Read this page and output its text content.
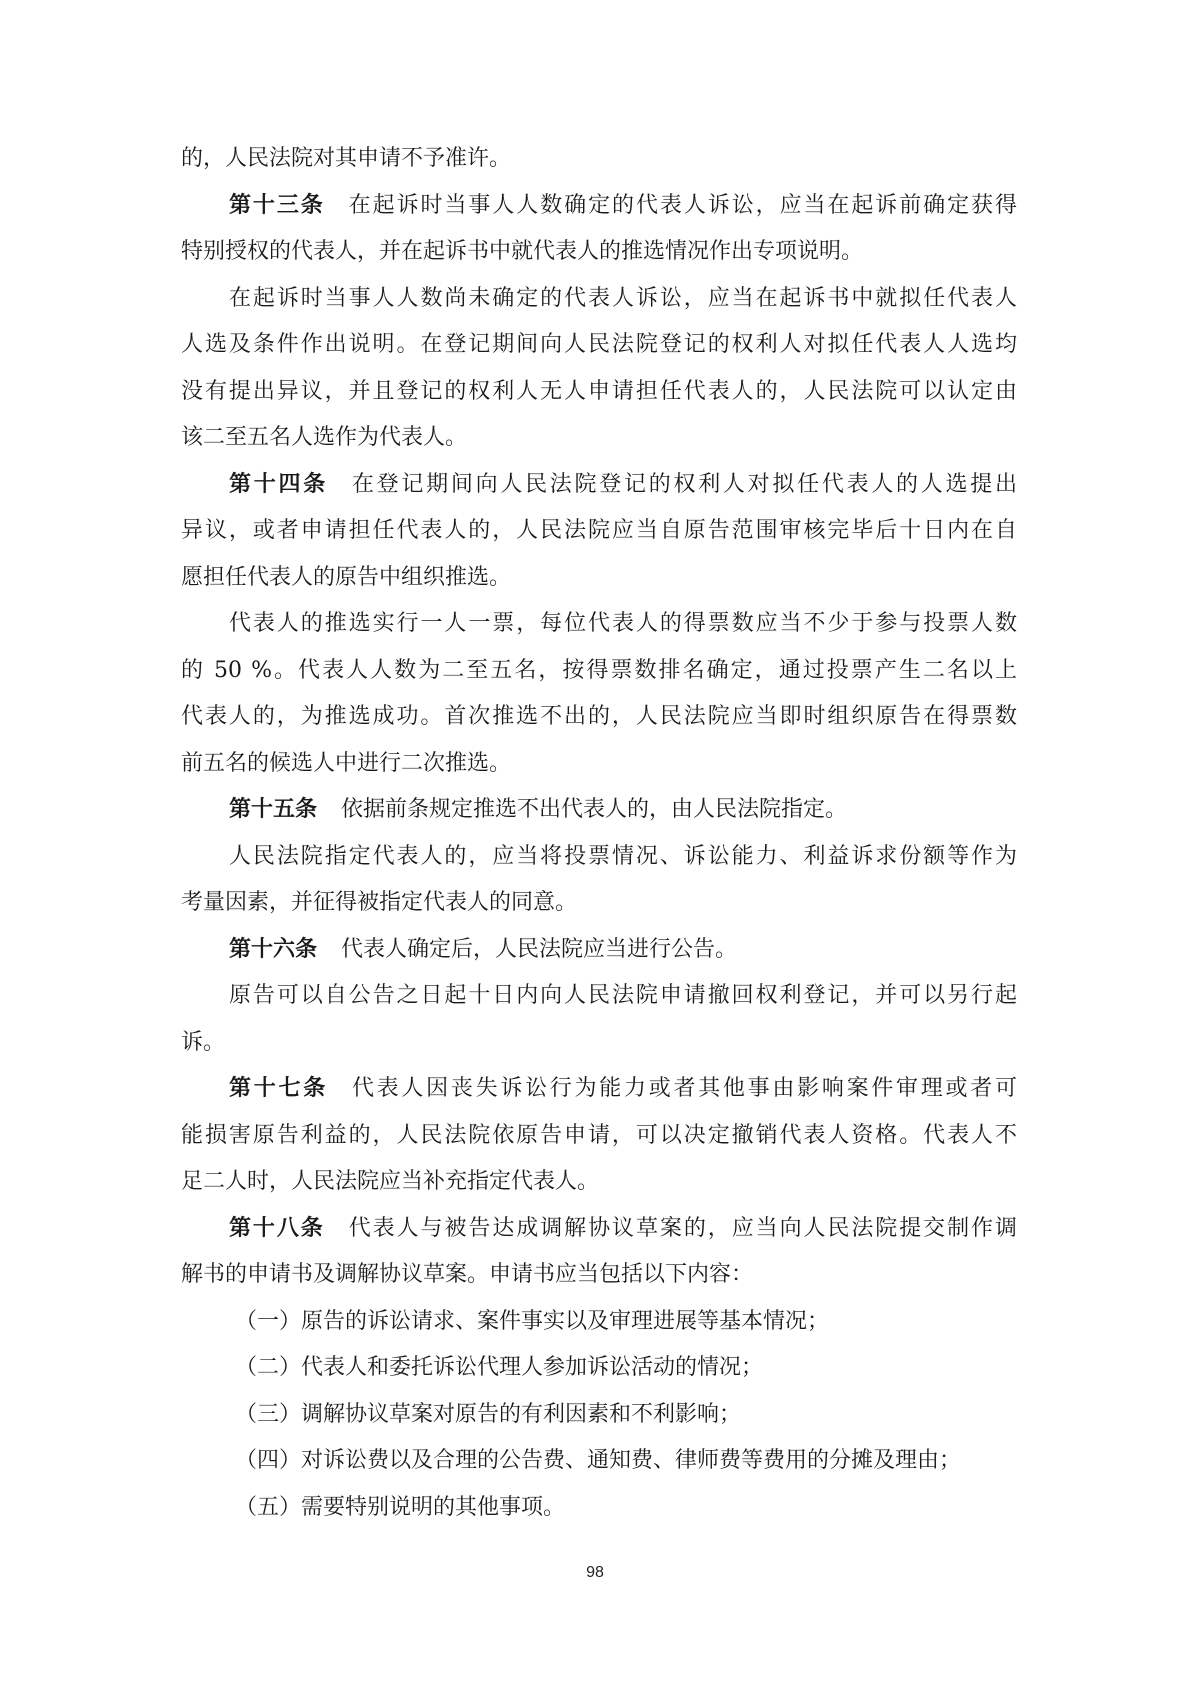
的，人民法院对其申请不予准许。
第十三条 在起诉时当事人人数确定的代表人诉讼，应当在起诉前确定获得
特别授权的代表人，并在起诉书中就代表人的推选情况作出专项说明。
在起诉时当事人人数尚未确定的代表人诉讼，应当在起诉书中就拟任代表人
人选及条件作出说明。在登记期间向人民法院登记的权利人对拟任代表人人选均
没有提出异议，并且登记的权利人无人申请担任代表人的，人民法院可以认定由
该二至五名人选作为代表人。
第十四条 在登记期间向人民法院登记的权利人对拟任代表人的人选提出
异议，或者申请担任代表人的，人民法院应当自原告范围审核完毕后十日内在自
愿担任代表人的原告中组织推选。
代表人的推选实行一人一票，每位代表人的得票数应当不少于参与投票人数
的 50 %。代表人人数为二至五名，按得票数排名确定，通过投票产生二名以上
代表人的，为推选成功。首次推选不出的，人民法院应当即时组织原告在得票数
前五名的候选人中进行二次推选。
第十五条 依据前条规定推选不出代表人的，由人民法院指定。
人民法院指定代表人的，应当将投票情况、诉讼能力、利益诉求份额等作为
考量因素，并征得被指定代表人的同意。
第十六条 代表人确定后，人民法院应当进行公告。
原告可以自公告之日起十日内向人民法院申请撤回权利登记，并可以另行起
诉。
第十七条 代表人因丧失诉讼行为能力或者其他事由影响案件审理或者可
能损害原告利益的，人民法院依原告申请，可以决定撤销代表人资格。代表人不
足二人时，人民法院应当补充指定代表人。
第十八条 代表人与被告达成调解协议草案的，应当向人民法院提交制作调
解书的申请书及调解协议草案。申请书应当包括以下内容：
（一）原告的诉讼请求、案件事实以及审理进展等基本情况；
（二）代表人和委托诉讼代理人参加诉讼活动的情况；
（三）调解协议草案对原告的有利因素和不利影响；
（四）对诉讼费以及合理的公告费、通知费、律师费等费用的分摊及理由；
（五）需要特别说明的其他事项。
98
